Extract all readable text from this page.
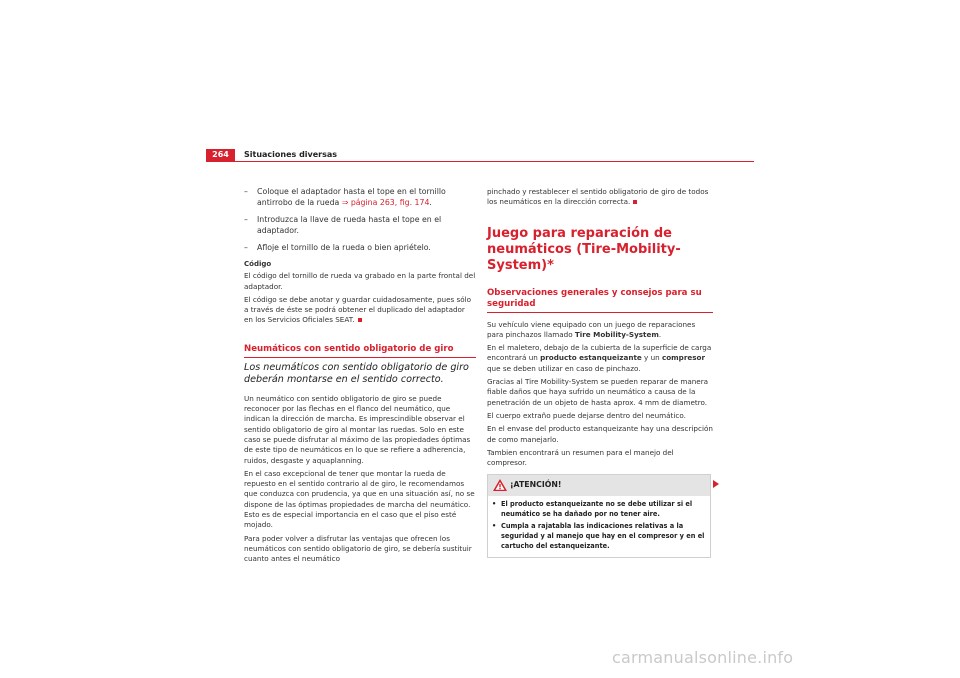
264	Situaciones diversas
– Coloque el adaptador hasta el tope en el tornillo antirrobo de la rueda ⇒ página 263, fig. 174.
– Introduzca la llave de rueda hasta el tope en el adaptador.
– Afloje el tornillo de la rueda o bien apriételo.
Código

El código del tornillo de rueda va grabado en la parte frontal del adaptador.

El código se debe anotar y guardar cuidadosamente, pues sólo a través de éste se podrá obtener el duplicado del adaptador en los Servicios Oficiales SEAT.

Neumáticos con sentido obligatorio de giro
Los neumáticos con sentido obligatorio de giro deberán montarse en el sentido correcto.

Un neumático con sentido obligatorio de giro se puede reconocer por las flechas en el flanco del neumático, que indican la dirección de marcha. Es imprescindible observar el sentido obligatorio de giro al montar las ruedas. Solo en este caso se puede disfrutar al máximo de las propiedades óptimas de este tipo de neumáticos en lo que se refiere a adherencia, ruidos, desgaste y aquaplanning.

En el caso excepcional de tener que montar la rueda de repuesto en el sentido contrario al de giro, le recomendamos que conduzca con prudencia, ya que en una situación así, no se dispone de las óptimas propiedades de marcha del neumático. Esto es de especial importancia en el caso que el piso esté mojado.

Para poder volver a disfrutar las ventajas que ofrecen los neumáticos con sentido obligatorio de giro, se debería sustituir cuanto antes el neumático

pinchado y restablecer el sentido obligatorio de giro de todos los neumáticos en la dirección correcta.

Juego para reparación de neumáticos (Tire-Mobility-System)*
Observaciones generales y consejos para su seguridad

Su vehículo viene equipado con un juego de reparaciones para pinchazos llamado Tire Mobility-System.

En el maletero, debajo de la cubierta de la superficie de carga encontrará un producto estanqueizante y un compresor que se deben utilizar en caso de pinchazo.

Gracias al Tire Mobility-System se pueden reparar de manera fiable daños que haya sufrido un neumático a causa de la penetración de un objeto de hasta aprox. 4 mm de diametro.

El cuerpo extraño puede dejarse dentro del neumático.

En el envase del producto estanqueizante hay una descripción de como manejarlo.

Tambien encontrará un resumen para el manejo del compresor.

¡ATENCIÓN!
• El producto estanqueizante no se debe utilizar si el neumático se ha dañado por no tener aire.
• Cumpla a rajatabla las indicaciones relativas a la seguridad y al manejo que hay en el compresor y en el cartucho del estanqueizante.
carmanualsonline.info
